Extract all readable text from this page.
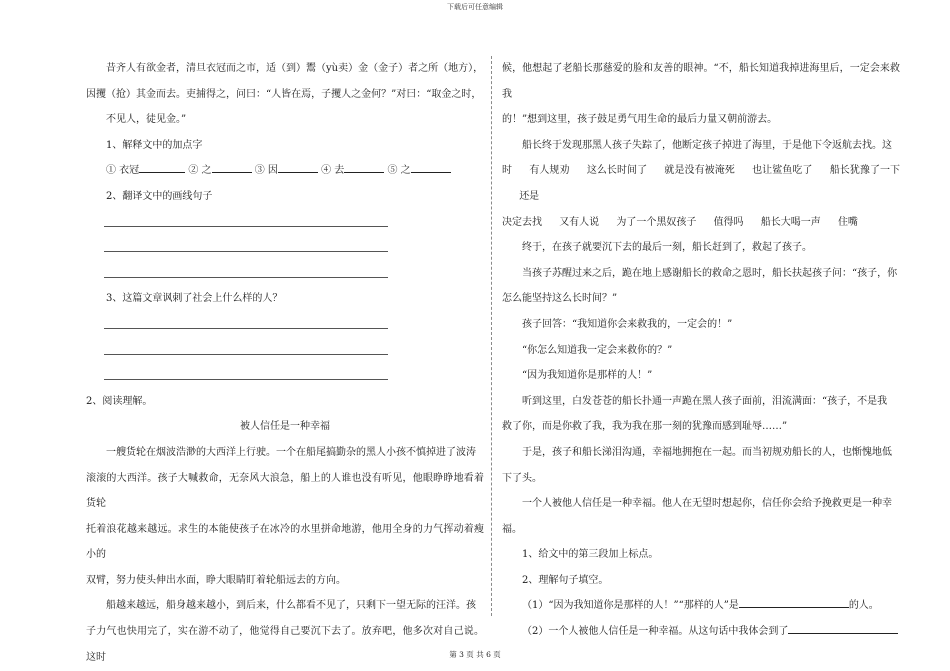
下载后可任意编辑

昔齐人有欲金者，清旦衣冠而之市，适（到）鬻（yù卖）金（金子）者之所（地方），

因攫（抢）其金而去。吏捕得之，问曰：“人皆在焉，子攫人之金何？”对曰：“取金之时，

不见人，徒见金。”

1、解释文中的加点字

① 衣冠	② 之	③ 因	④ 去	⑤ 之

2、翻译文中的画线句子

3、这篇文章讽刺了社会上什么样的人？

2、阅读理解。

被人信任是一种幸福

一艘货轮在烟波浩渺的大西洋上行驶。一个在船尾搞勤杂的黑人小孩不慎掉进了波涛

滚滚的大西洋。孩子大喊救命，无奈风大浪急，船上的人谁也没有听见，他眼睁睁地看着货轮

托着浪花越来越远。求生的本能使孩子在冰冷的水里拼命地游，他用全身的力气挥动着瘦小的

双臂，努力使头伸出水面，睁大眼睛盯着轮船远去的方向。

船越来越远，船身越来越小，到后来，什么都看不见了，只剩下一望无际的汪洋。孩

子力气也快用完了，实在游不动了，他觉得自己要沉下去了。放弃吧，他多次对自己说。这时

候，他想起了老船长那慈爱的脸和友善的眼神。“不，船长知道我掉进海里后，一定会来救我

的！”想到这里，孩子鼓足勇气用生命的最后力量又朝前游去。

船长终于发现那黑人孩子失踪了，他断定孩子掉进了海里，于是他下令返航去找。这

时 有人规劝 这么长时间了 就是没有被淹死 也让鲨鱼吃了 船长犹豫了一下 还是

决定去找 又有人说 为了一个黑奴孩子 值得吗 船长大喝一声 住嘴

终于，在孩子就要沉下去的最后一刻，船长赶到了，救起了孩子。

当孩子苏醒过来之后，跪在地上感谢船长的救命之恩时，船长扶起孩子问：“孩子，你

怎么能坚持这么长时间？”

孩子回答：“我知道你会来救我的，一定会的！”

“你怎么知道我一定会来救你的？”

“因为我知道你是那样的人！”

听到这里，白发苍苍的船长扑通一声跪在黑人孩子面前，泪流满面：“孩子，不是我

救了你，而是你救了我，我为我在那一刻的犹豫而感到耻辱……”

于是，孩子和船长涕泪沟通，幸福地拥抱在一起。而当初规劝船长的人，也惭愧地低

下了头。

一个人被他人信任是一种幸福。他人在无望时想起你，信任你会给予挽救更是一种幸

福。

1、给文中的第三段加上标点。

2、理解句子填空。

（1）“因为我知道你是那样的人！”“那样的人”是	的人。

（2）一个人被他人信任是一种幸福。从这句话中我体会到了

第 3 页 共 6 页
